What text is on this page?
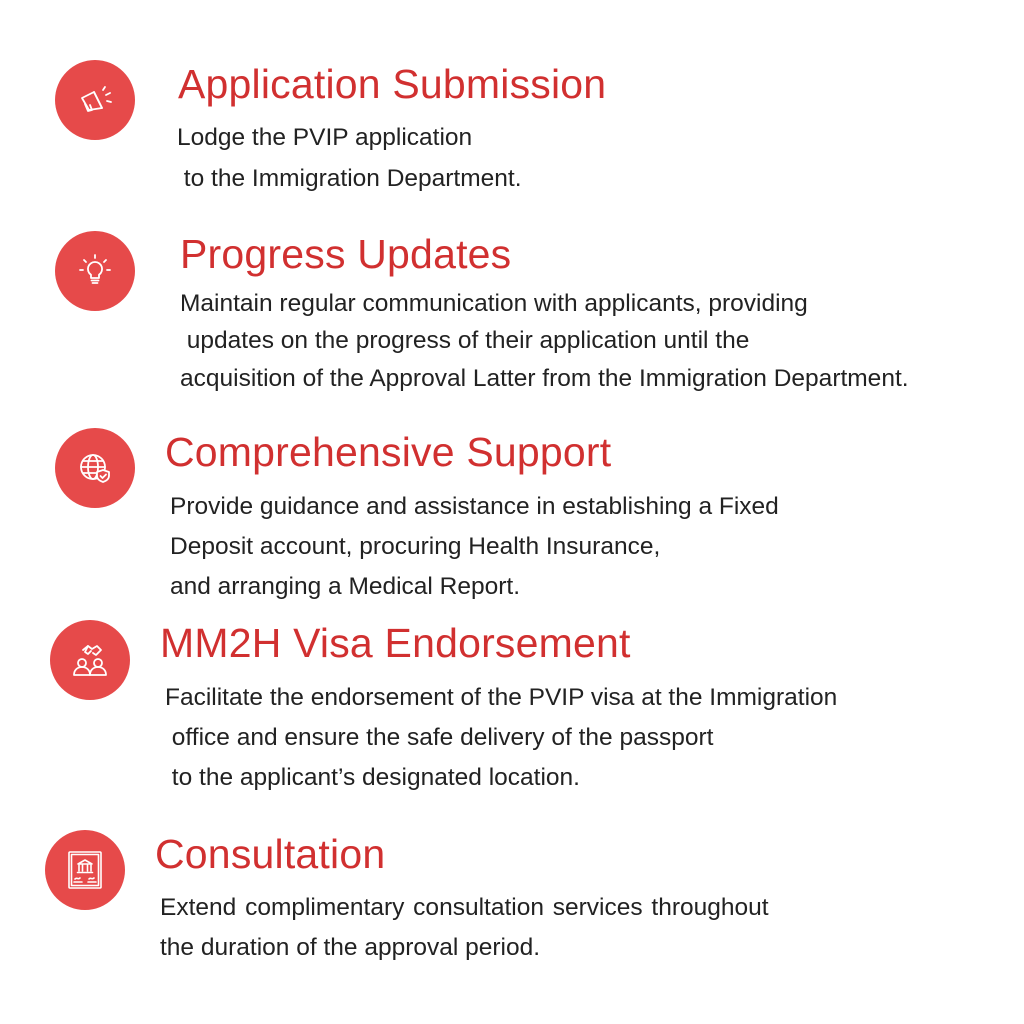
Application Submission
Lodge the PVIP application
to the Immigration Department.
Progress Updates
Maintain regular communication with applicants, providing
updates on the progress of their application until the
acquisition of the Approval Latter from the Immigration Department.
Comprehensive Support
Provide guidance and assistance in establishing a Fixed
Deposit account, procuring Health Insurance,
and arranging a Medical Report.
MM2H Visa Endorsement
Facilitate the endorsement of the PVIP visa at the Immigration
office and ensure the safe delivery of the passport
to the applicant’s designated location.
Consultation
Extend complimentary consultation services throughout
the duration of the approval period.
